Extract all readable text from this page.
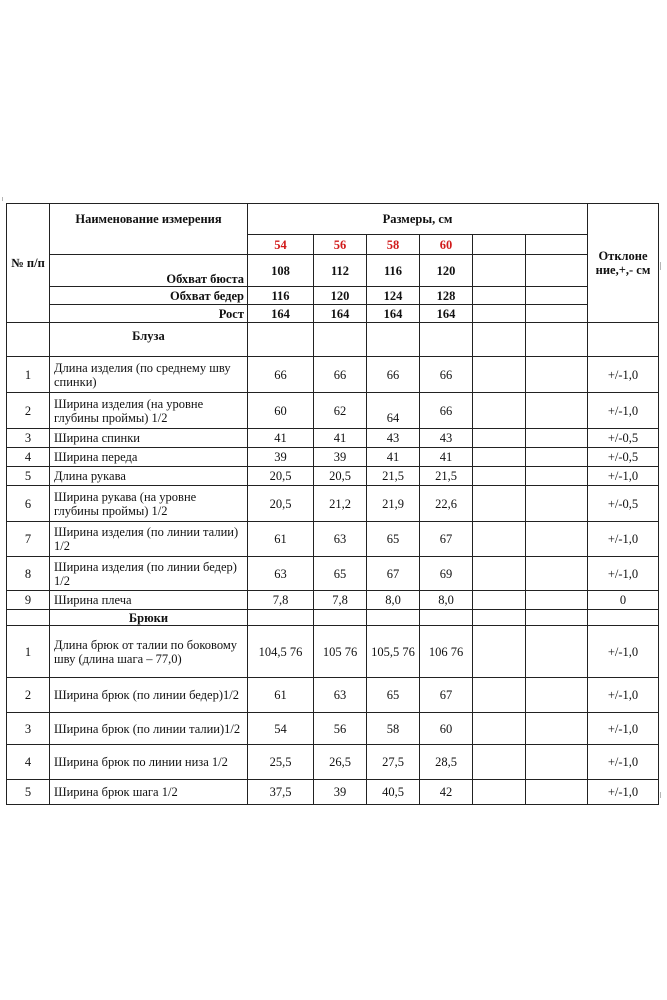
№ п/п	Наименование измерения	Размеры, см						Отклоне ние,+,- см
		54	56	58	60			
	Обхват бюста	108	112	116	120			
	Обхват бедер	116	120	124	128			
	Рост	164	164	164	164			
	Блуза							
1	Длина изделия (по среднему шву спинки)	66	66	66	66			+/-1,0
2	Ширина изделия (на уровне глубины проймы) 1/2	60	62	64	66			+/-1,0
3	Ширина спинки	41	41	43	43			+/-0,5
4	Ширина переда	39	39	41	41			+/-0,5
5	Длина рукава	20,5	20,5	21,5	21,5			+/-1,0
6	Ширина рукава (на уровне глубины проймы) 1/2	20,5	21,2	21,9	22,6			+/-0,5
7	Ширина изделия (по линии талии) 1/2	61	63	65	67			+/-1,0
8	Ширина изделия (по линии бедер) 1/2	63	65	67	69			+/-1,0
9	Ширина плеча	7,8	7,8	8,0	8,0			0
	Брюки							
1	Длина брюк от талии по боковому шву (длина шага – 77,0)	104,5 76	105 76	105,5 76	106 76			+/-1,0
2	Ширина брюк (по линии бедер)1/2	61	63	65	67			+/-1,0
3	Ширина брюк (по линии талии)1/2	54	56	58	60			+/-1,0
4	Ширина брюк по линии низа 1/2	25,5	26,5	27,5	28,5			+/-1,0
5	Ширина брюк шага 1/2	37,5	39	40,5	42			+/-1,0
